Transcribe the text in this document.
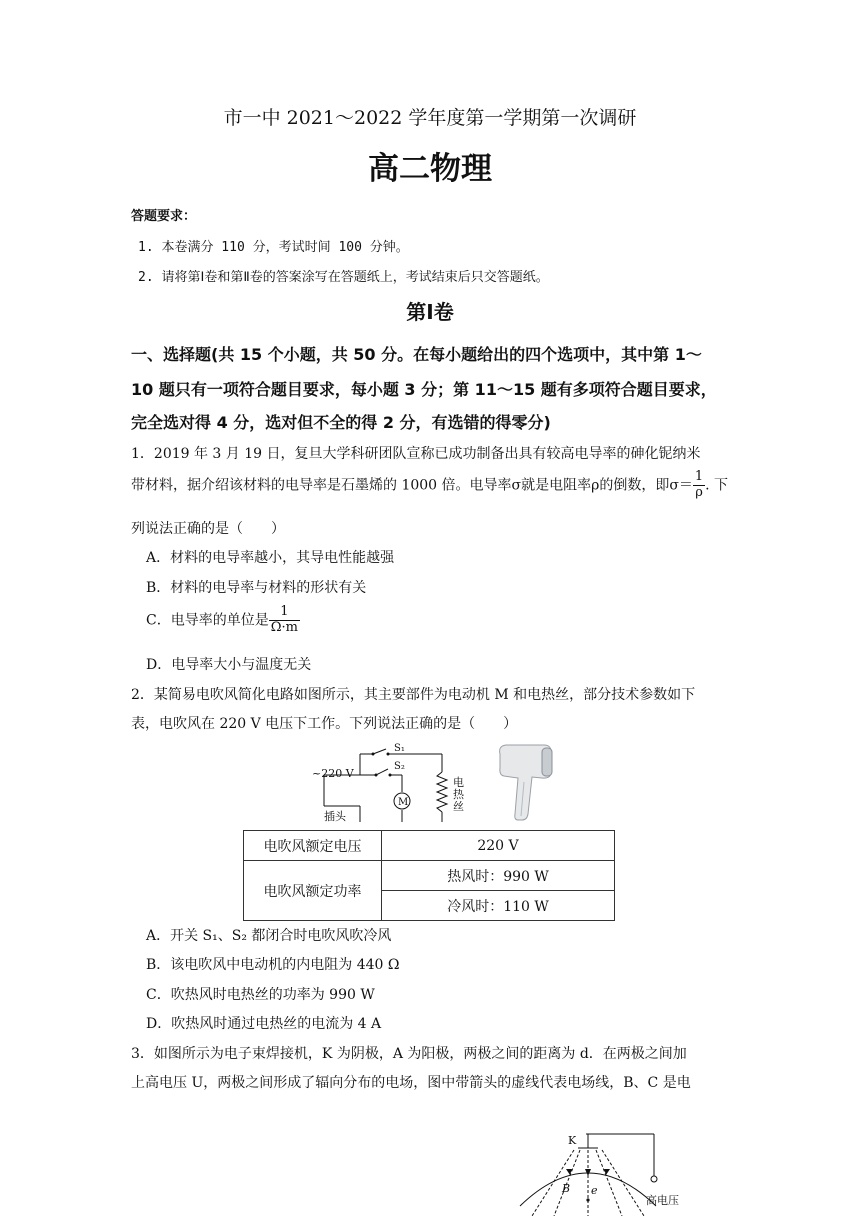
市一中 2021～2022 学年度第一学期第一次调研
高二物理
答题要求：
1. 本卷满分 110 分，考试时间 100 分钟。
2. 请将第Ⅰ卷和第Ⅱ卷的答案涂写在答题纸上，考试结束后只交答题纸。
第Ⅰ卷
一、选择题(共 15 个小题，共 50 分。在每小题给出的四个选项中，其中第 1～
10 题只有一项符合题目要求，每小题 3 分；第 11～15 题有多项符合题目要求，
完全选对得 4 分，选对但不全的得 2 分，有选错的得零分)
1．2019 年 3 月 19 日，复旦大学科研团队宣称已成功制备出具有较高电导率的砷化铌纳米
带材料，据介绍该材料的电导率是石墨烯的 1000 倍。电导率σ就是电阻率ρ的倒数，即$\sigma= \frac{1}{\rho}$ . 下
列说法正确的是（　　）
A．材料的电导率越小，其导电性能越强
B．材料的电导率与材料的形状有关
C．电导率的单位是 $\frac{1}{\Omega\cdot m}$
D．电导率大小与温度无关
2．某简易电吹风简化电路如图所示，其主要部件为电动机 M 和电热丝，部分技术参数如下
表，电吹风在 220 V 电压下工作。下列说法正确的是（　　）
~220 V
插头
S₁
S₂
M
电
热
丝
电吹风额定电压	220 V
电吹风额定功率	热风时：990 W
	冷风时：110 W
A．开关 S₁、S₂ 都闭合时电吹风吹冷风
B．该电吹风中电动机的内电阻为 440 Ω
C．吹热风时电热丝的功率为 990 W
D．吹热风时通过电热丝的电流为 4 A
3．如图所示为电子束焊接机，K 为阴极，A 为阳极，两极之间的距离为 d．在两极之间加
上高电压 U，两极之间形成了辐向分布的电场，图中带箭头的虚线代表电场线，B、C 是电
K
B e
高电压
